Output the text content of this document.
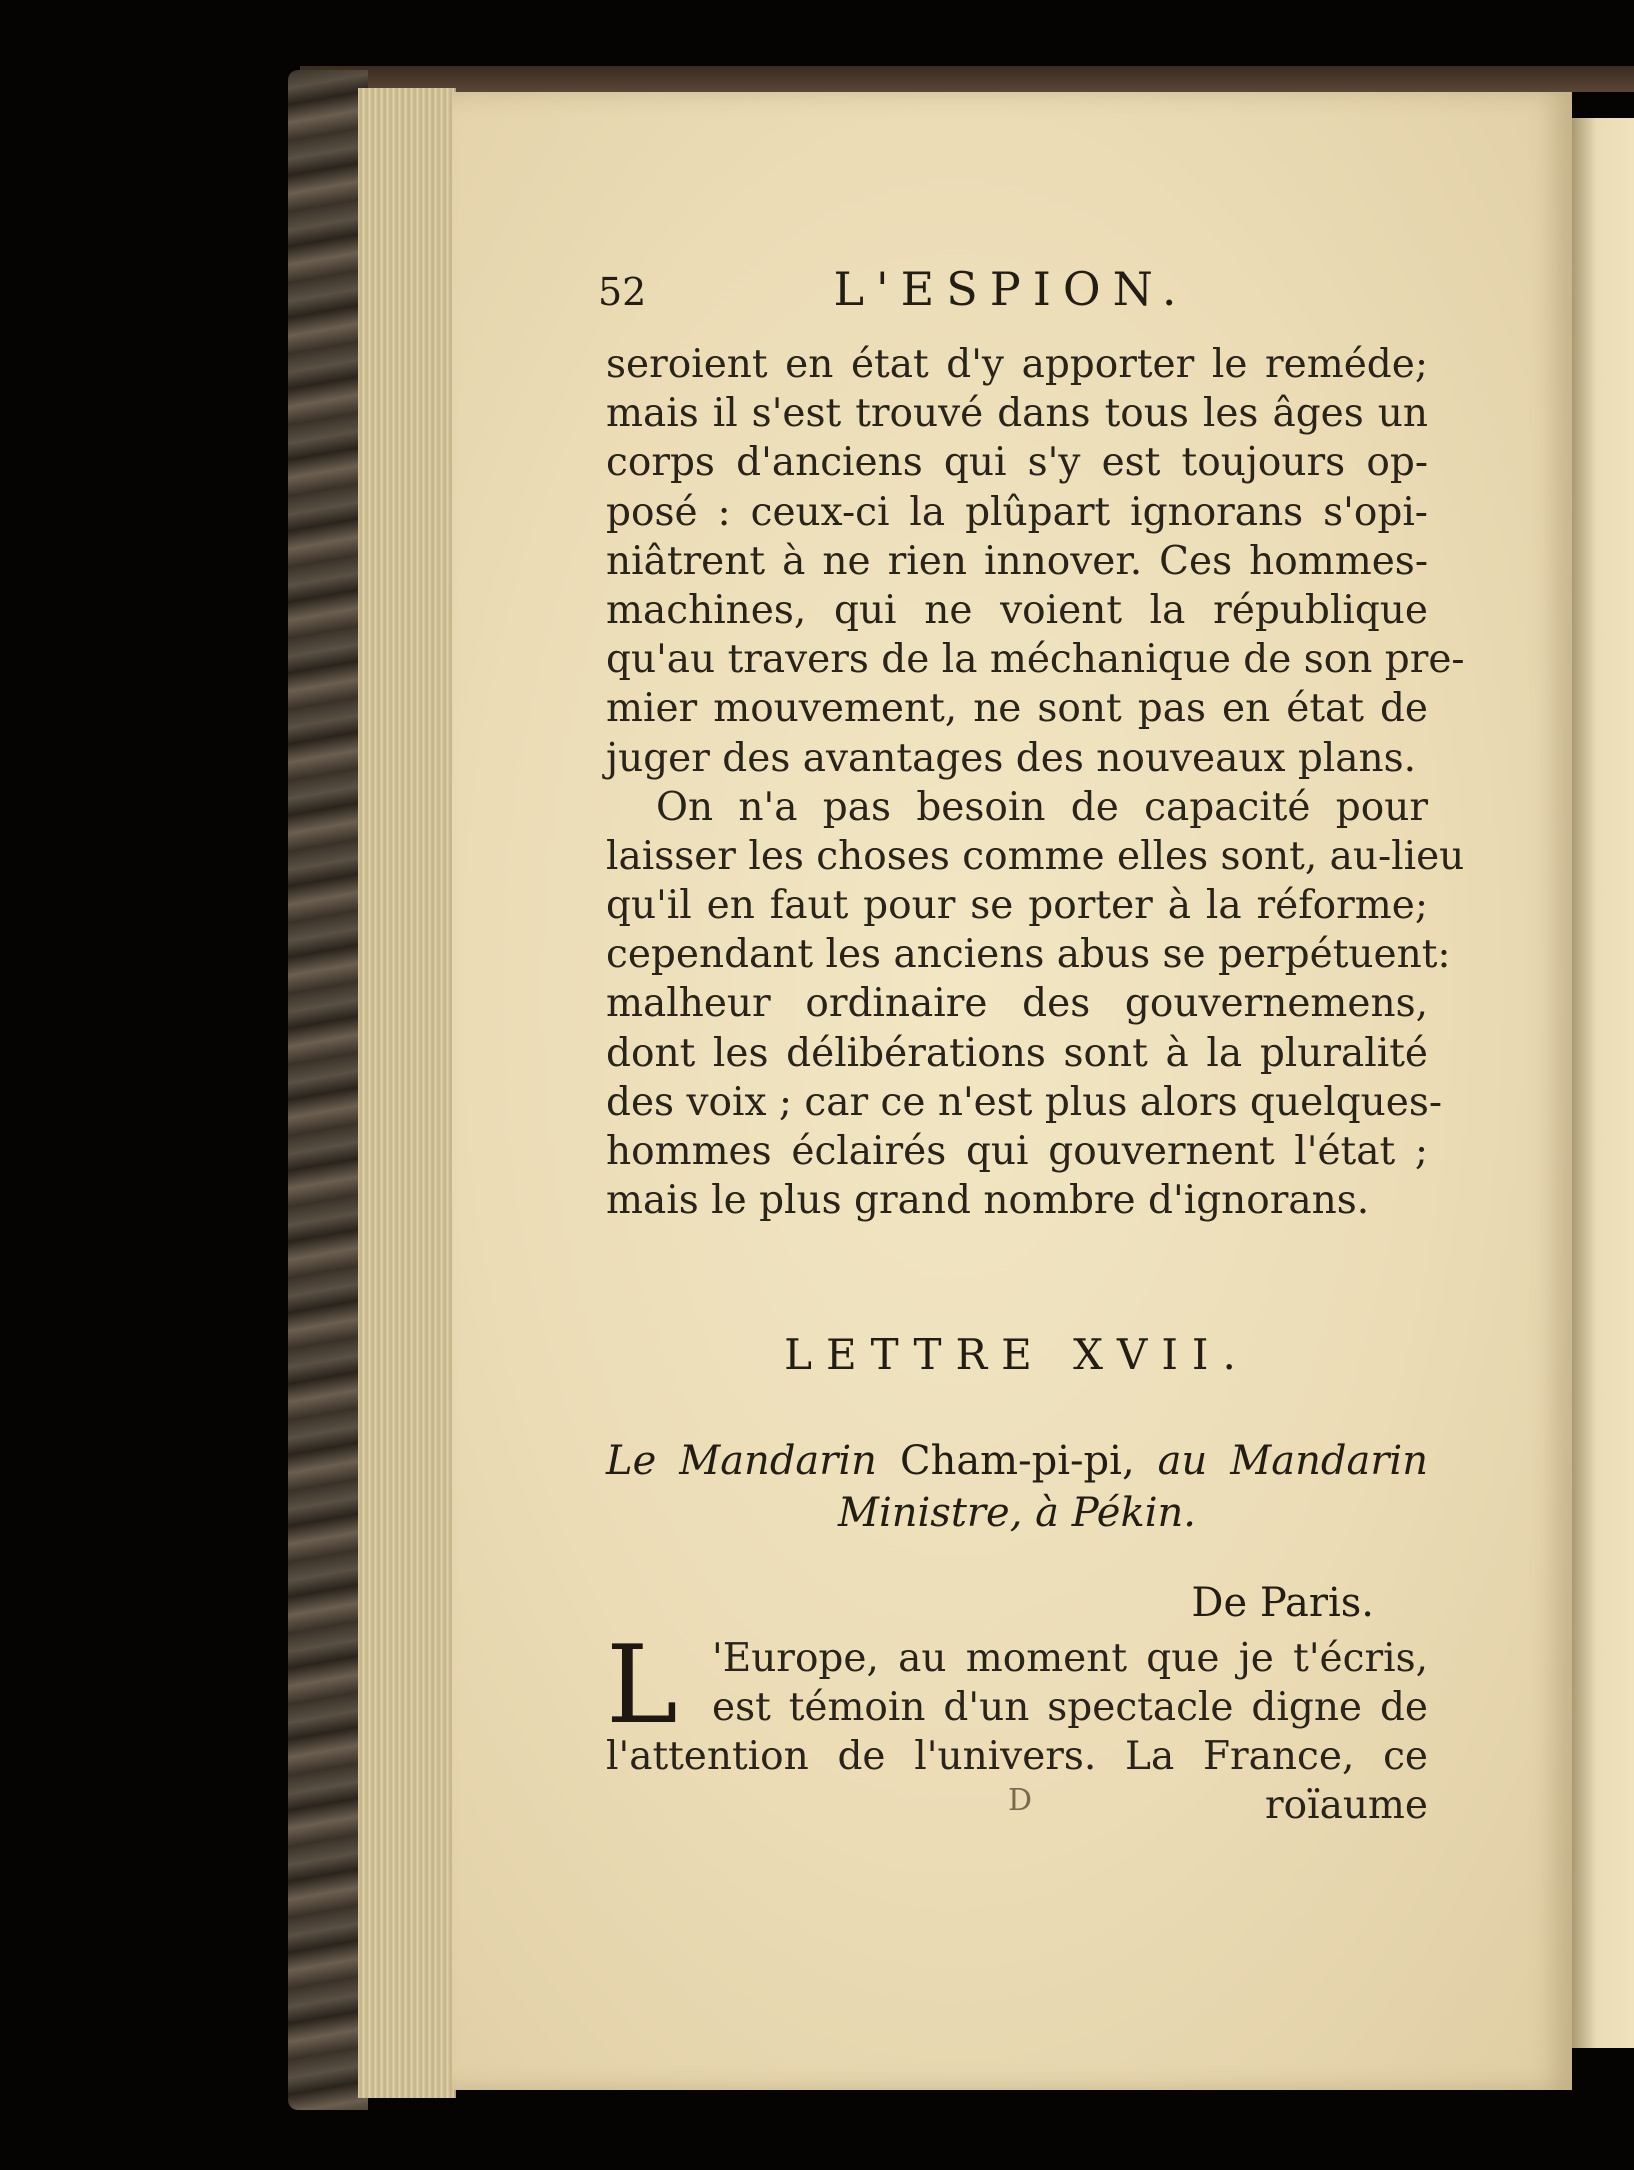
52	L'ESPION.
seroient en état d'y apporter le reméde;
mais il s'est trouvé dans tous les âges un
corps d'anciens qui s'y est toujours op-
posé : ceux-ci la plûpart ignorans s'opi-
niâtrent à ne rien innover. Ces hommes-
machines, qui ne voient la république
qu'au travers de la méchanique de son pre-
mier mouvement, ne sont pas en état de
juger des avantages des nouveaux plans.
On n'a pas besoin de capacité pour
laisser les choses comme elles sont, au-lieu
qu'il en faut pour se porter à la réforme;
cependant les anciens abus se perpétuent:
malheur ordinaire des gouvernemens,
dont les délibérations sont à la pluralité
des voix ; car ce n'est plus alors quelques-
hommes éclairés qui gouvernent l'état ;
mais le plus grand nombre d'ignorans.
LETTRE XVII.
Le Mandarin Cham-pi-pi, au Mandarin
Ministre, à Pékin.
De Paris.
L 'Europe, au moment que je t'écris,
est témoin d'un spectacle digne de
l'attention de l'univers. La France, ce
D	roïaume
